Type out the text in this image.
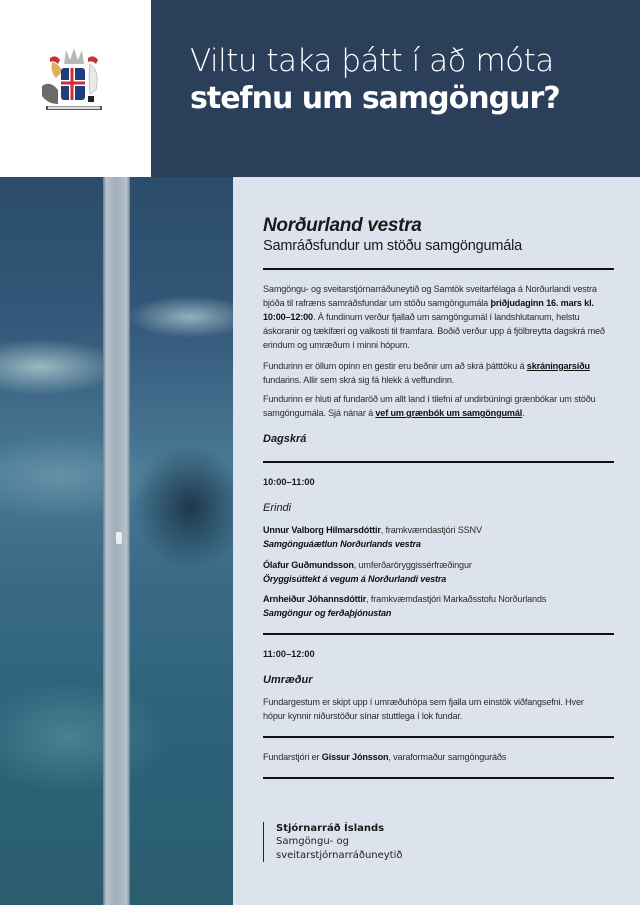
Viltu taka þátt í að móta
stefnu um samgöngur?
Norðurland vestra
Samráðsfundur um stöðu samgöngumála
Samgöngu- og sveitarstjórnarráðuneytið og Samtök sveitarfélaga á Norðurlandi vestra bjóða til rafræns samráðsfundar um stöðu samgöngumála þriðjudaginn 16. mars kl. 10:00–12:00. Á fundinum verður fjallað um samgöngumál í landshlutanum, helstu áskoranir og tækifæri og valkosti til framfara. Boðið verður upp á fjölbreytta dagskrá með erindum og umræðum í minni hópum.
Fundurinn er öllum opinn en gestir eru beðnir um að skrá þátttöku á skráningarsíðu fundarins. Allir sem skrá sig fá hlekk á veffundinn.
Fundurinn er hluti af fundaröð um allt land í tilefni af undirbúningi grænbókar um stöðu samgöngumála. Sjá nánar á vef um grænbók um samgöngumál.
Dagskrá
10:00–11:00
Erindi
Unnur Valborg Hilmarsdóttir, framkvæmdastjóri SSNV
Samgönguáætlun Norðurlands vestra
Ólafur Guðmundsson, umferðaröryggissérfræðingur
Öryggisúttekt á vegum á Norðurlandi vestra
Arnheiður Jóhannsdóttir, framkvæmdastjóri Markaðsstofu Norðurlands
Samgöngur og ferðaþjónustan
11:00–12:00
Umræður
Fundargestum er skipt upp í umræðuhópa sem fjalla um einstök viðfangsefni. Hver hópur kynnir niðurstöður sínar stuttlega í lok fundar.
Fundarstjóri er Gissur Jónsson, varaformaður samgönguráðs
Stjórnarráð Íslands
Samgöngu- og
sveitarstjórnarráðuneytið
